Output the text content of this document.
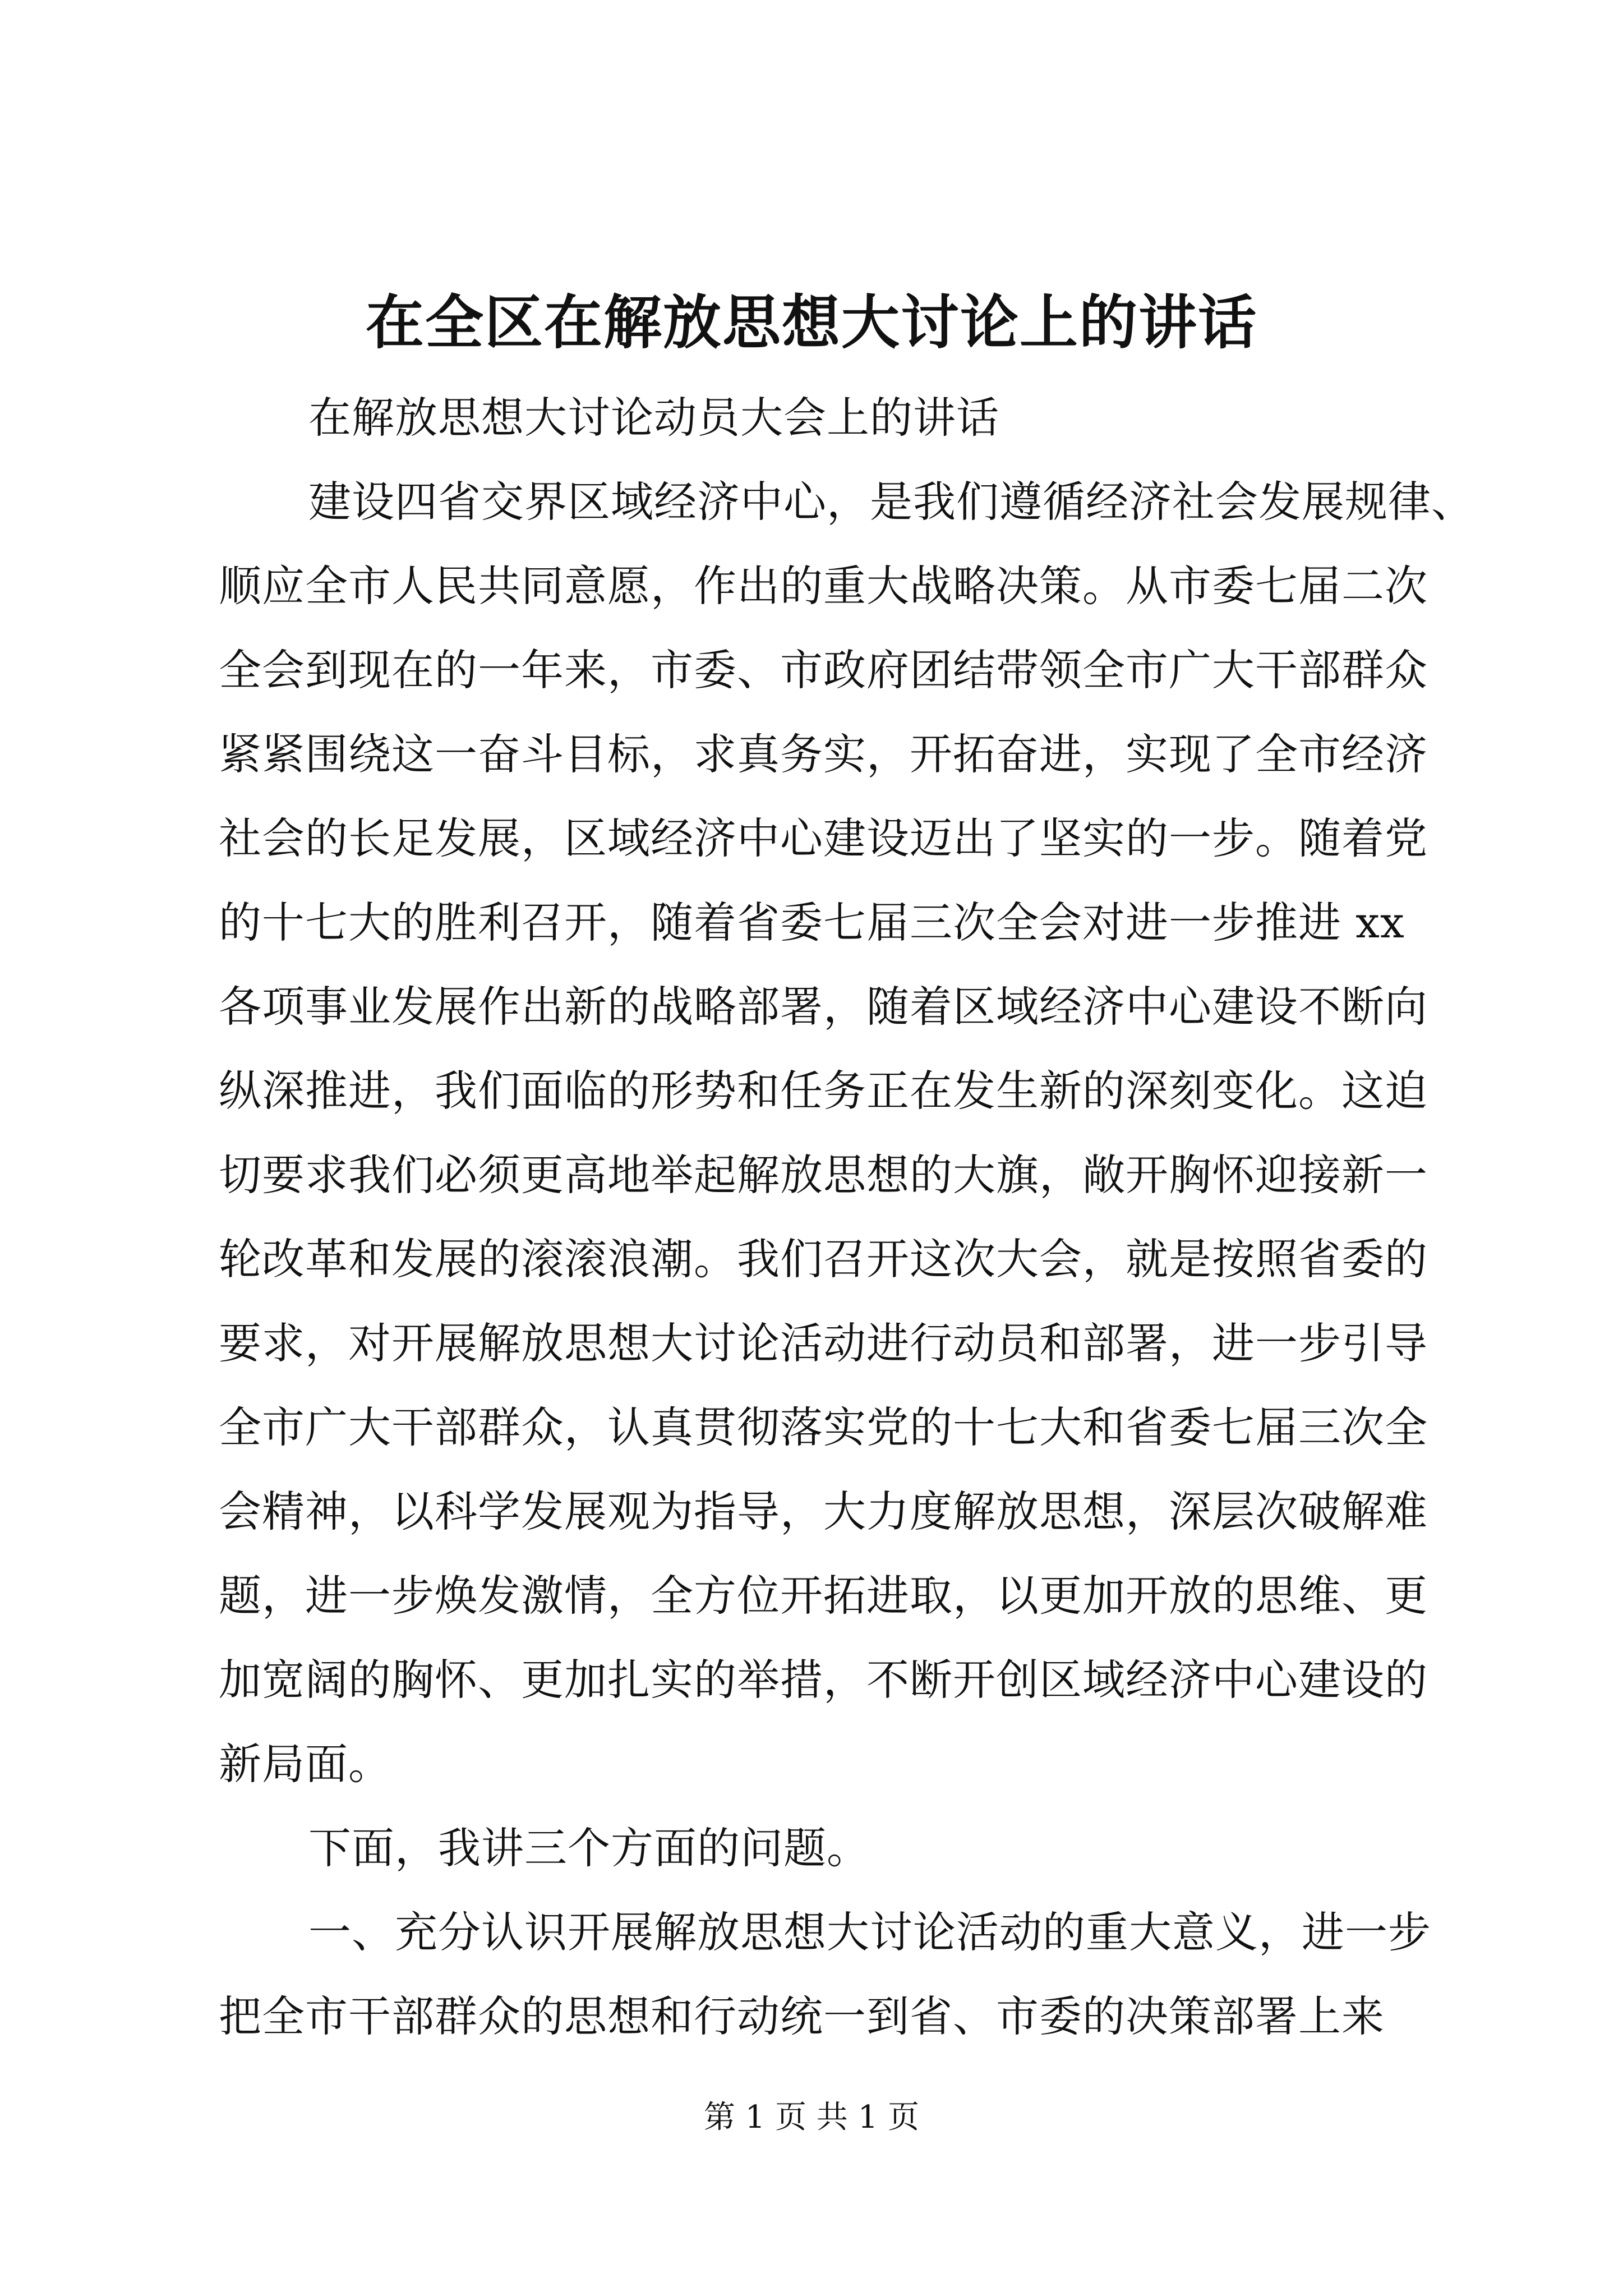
在全区在解放思想大讨论上的讲话
在解放思想大讨论动员大会上的讲话
建设四省交界区域经济中心，是我们遵循经济社会发展规律、
顺应全市人民共同意愿，作出的重大战略决策。从市委七届二次
全会到现在的一年来，市委、市政府团结带领全市广大干部群众
紧紧围绕这一奋斗目标，求真务实，开拓奋进，实现了全市经济
社会的长足发展，区域经济中心建设迈出了坚实的一步。随着党
的十七大的胜利召开，随着省委七届三次全会对进一步推进 xx
各项事业发展作出新的战略部署，随着区域经济中心建设不断向
纵深推进，我们面临的形势和任务正在发生新的深刻变化。这迫
切要求我们必须更高地举起解放思想的大旗，敞开胸怀迎接新一
轮改革和发展的滚滚浪潮。我们召开这次大会，就是按照省委的
要求，对开展解放思想大讨论活动进行动员和部署，进一步引导
全市广大干部群众，认真贯彻落实党的十七大和省委七届三次全
会精神，以科学发展观为指导，大力度解放思想，深层次破解难
题，进一步焕发激情，全方位开拓进取，以更加开放的思维、更
加宽阔的胸怀、更加扎实的举措，不断开创区域经济中心建设的
新局面。
下面，我讲三个方面的问题。
一、充分认识开展解放思想大讨论活动的重大意义，进一步
把全市干部群众的思想和行动统一到省、市委的决策部署上来
第 1 页 共 1 页
